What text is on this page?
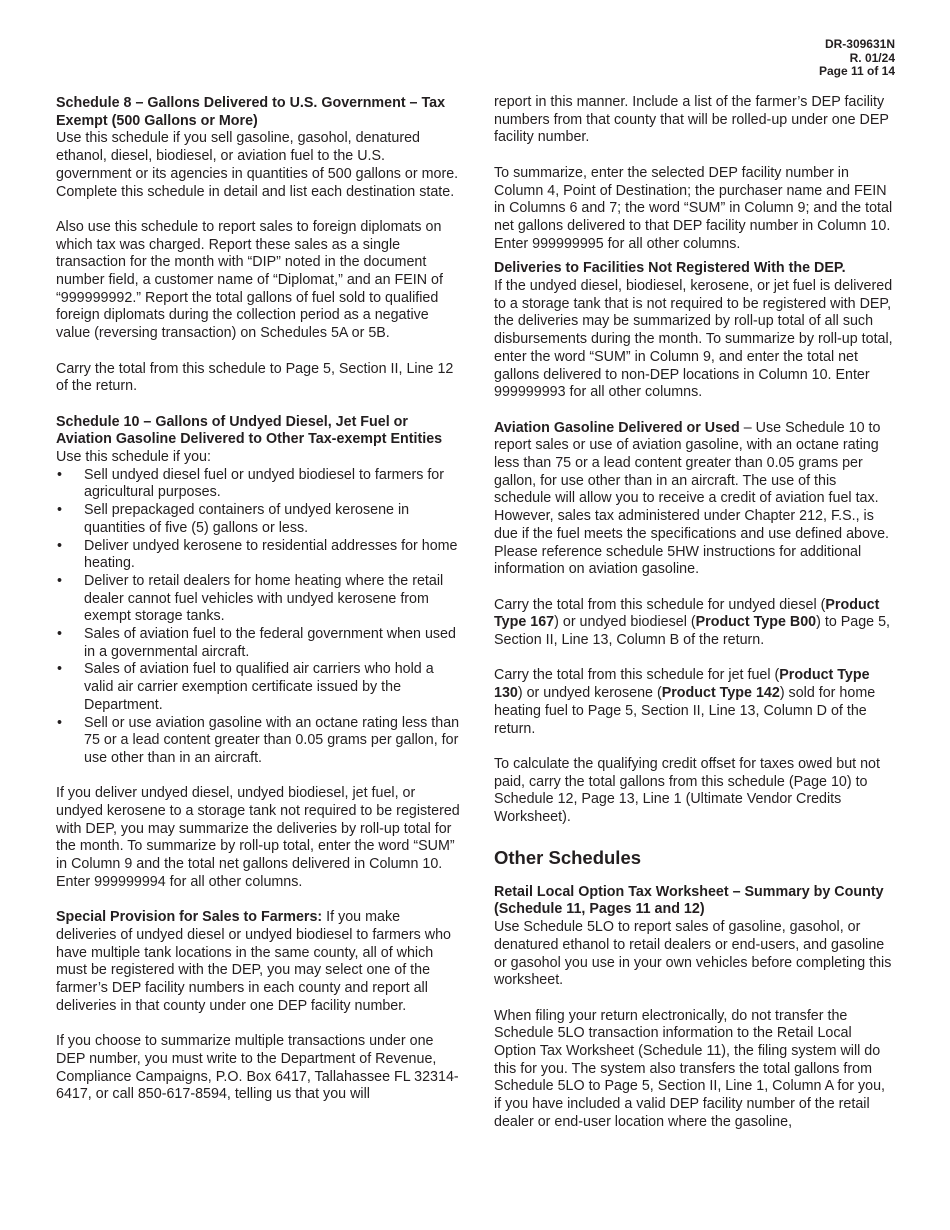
DR-309631N
R. 01/24
Page 11 of 14

Schedule 8 – Gallons Delivered to U.S. Government – Tax Exempt (500 Gallons or More)

Use this schedule if you sell gasoline, gasohol, denatured ethanol, diesel, biodiesel, or aviation fuel to the U.S. government or its agencies in quantities of 500 gallons or more. Complete this schedule in detail and list each destination state.

Also use this schedule to report sales to foreign diplomats on which tax was charged. Report these sales as a single transaction for the month with “DIP” noted in the document number field, a customer name of “Diplomat,” and an FEIN of “999999992.” Report the total gallons of fuel sold to qualified foreign diplomats during the collection period as a negative value (reversing transaction) on Schedules 5A or 5B.

Carry the total from this schedule to Page 5, Section II, Line 12 of the return.

Schedule 10 – Gallons of Undyed Diesel, Jet Fuel or Aviation Gasoline Delivered to Other Tax-exempt Entities

Use this schedule if you:

• Sell undyed diesel fuel or undyed biodiesel to farmers for agricultural purposes.
• Sell prepackaged containers of undyed kerosene in quantities of five (5) gallons or less.
• Deliver undyed kerosene to residential addresses for home heating.
• Deliver to retail dealers for home heating where the retail dealer cannot fuel vehicles with undyed kerosene from exempt storage tanks.
• Sales of aviation fuel to the federal government when used in a governmental aircraft.
• Sales of aviation fuel to qualified air carriers who hold a valid air carrier exemption certificate issued by the Department.
• Sell or use aviation gasoline with an octane rating less than 75 or a lead content greater than 0.05 grams per gallon, for use other than in an aircraft.

If you deliver undyed diesel, undyed biodiesel, jet fuel, or undyed kerosene to a storage tank not required to be registered with DEP, you may summarize the deliveries by roll-up total for the month. To summarize by roll-up total, enter the word “SUM” in Column 9 and the total net gallons delivered in Column 10. Enter 999999994 for all other columns.

Special Provision for Sales to Farmers: If you make deliveries of undyed diesel or undyed biodiesel to farmers who have multiple tank locations in the same county, all of which must be registered with the DEP, you may select one of the farmer’s DEP facility numbers in each county and report all deliveries in that county under one DEP facility number.

If you choose to summarize multiple transactions under one DEP number, you must write to the Department of Revenue, Compliance Campaigns, P.O. Box 6417, Tallahassee FL 32314-6417, or call 850-617-8594, telling us that you will

report in this manner. Include a list of the farmer’s DEP facility numbers from that county that will be rolled-up under one DEP facility number.

To summarize, enter the selected DEP facility number in Column 4, Point of Destination; the purchaser name and FEIN in Columns 6 and 7; the word “SUM” in Column 9; and the total net gallons delivered to that DEP facility number in Column 10. Enter 999999995 for all other columns.

Deliveries to Facilities Not Registered With the DEP.

If the undyed diesel, biodiesel, kerosene, or jet fuel is delivered to a storage tank that is not required to be registered with DEP, the deliveries may be summarized by roll-up total of all such disbursements during the month. To summarize by roll-up total, enter the word “SUM” in Column 9, and enter the total net gallons delivered to non-DEP locations in Column 10. Enter 999999993 for all other columns.

Aviation Gasoline Delivered or Used – Use Schedule 10 to report sales or use of aviation gasoline, with an octane rating less than 75 or a lead content greater than 0.05 grams per gallon, for use other than in an aircraft. The use of this schedule will allow you to receive a credit of aviation fuel tax. However, sales tax administered under Chapter 212, F.S., is due if the fuel meets the specifications and use defined above. Please reference schedule 5HW instructions for additional information on aviation gasoline.

Carry the total from this schedule for undyed diesel (Product Type 167) or undyed biodiesel (Product Type B00) to Page 5, Section II, Line 13, Column B of the return.

Carry the total from this schedule for jet fuel (Product Type 130) or undyed kerosene (Product Type 142) sold for home heating fuel to Page 5, Section II, Line 13, Column D of the return.

To calculate the qualifying credit offset for taxes owed but not paid, carry the total gallons from this schedule (Page 10) to Schedule 12, Page 13, Line 1 (Ultimate Vendor Credits Worksheet).

Other Schedules

Retail Local Option Tax Worksheet – Summary by County (Schedule 11, Pages 11 and 12)

Use Schedule 5LO to report sales of gasoline, gasohol, or denatured ethanol to retail dealers or end-users, and gasoline or gasohol you use in your own vehicles before completing this worksheet.

When filing your return electronically, do not transfer the Schedule 5LO transaction information to the Retail Local Option Tax Worksheet (Schedule 11), the filing system will do this for you. The system also transfers the total gallons from Schedule 5LO to Page 5, Section II, Line 1, Column A for you, if you have included a valid DEP facility number of the retail dealer or end-user location where the gasoline,
